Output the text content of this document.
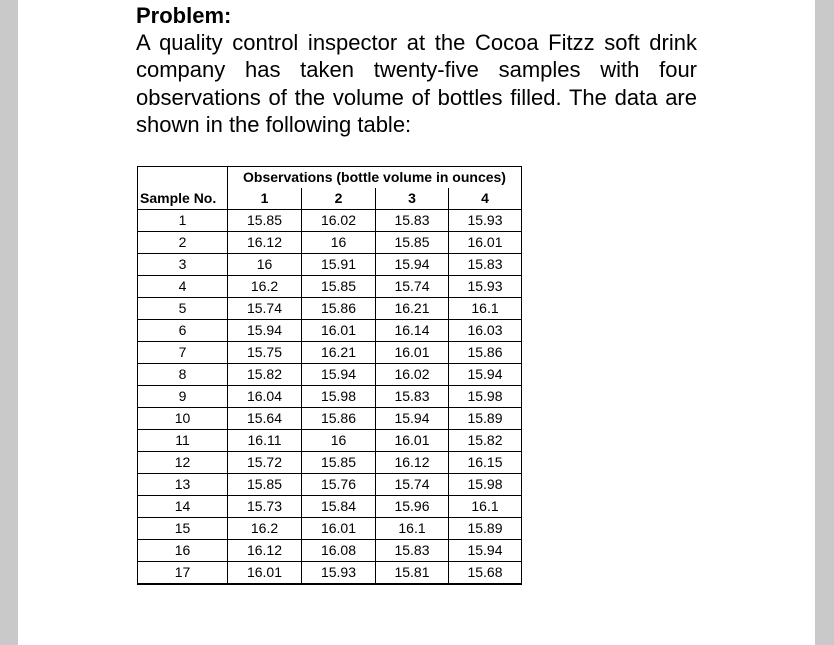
Problem:

A quality control inspector at the Cocoa Fitzz soft drink company has taken twenty-five samples with four observations of the volume of bottles filled. The data are shown in the following table:

	Observations (bottle volume in ounces)			
Sample No.	1	2	3	4
1	15.85	16.02	15.83	15.93
2	16.12	16	15.85	16.01
3	16	15.91	15.94	15.83
4	16.2	15.85	15.74	15.93
5	15.74	15.86	16.21	16.1
6	15.94	16.01	16.14	16.03
7	15.75	16.21	16.01	15.86
8	15.82	15.94	16.02	15.94
9	16.04	15.98	15.83	15.98
10	15.64	15.86	15.94	15.89
11	16.11	16	16.01	15.82
12	15.72	15.85	16.12	16.15
13	15.85	15.76	15.74	15.98
14	15.73	15.84	15.96	16.1
15	16.2	16.01	16.1	15.89
16	16.12	16.08	15.83	15.94
17	16.01	15.93	15.81	15.68
